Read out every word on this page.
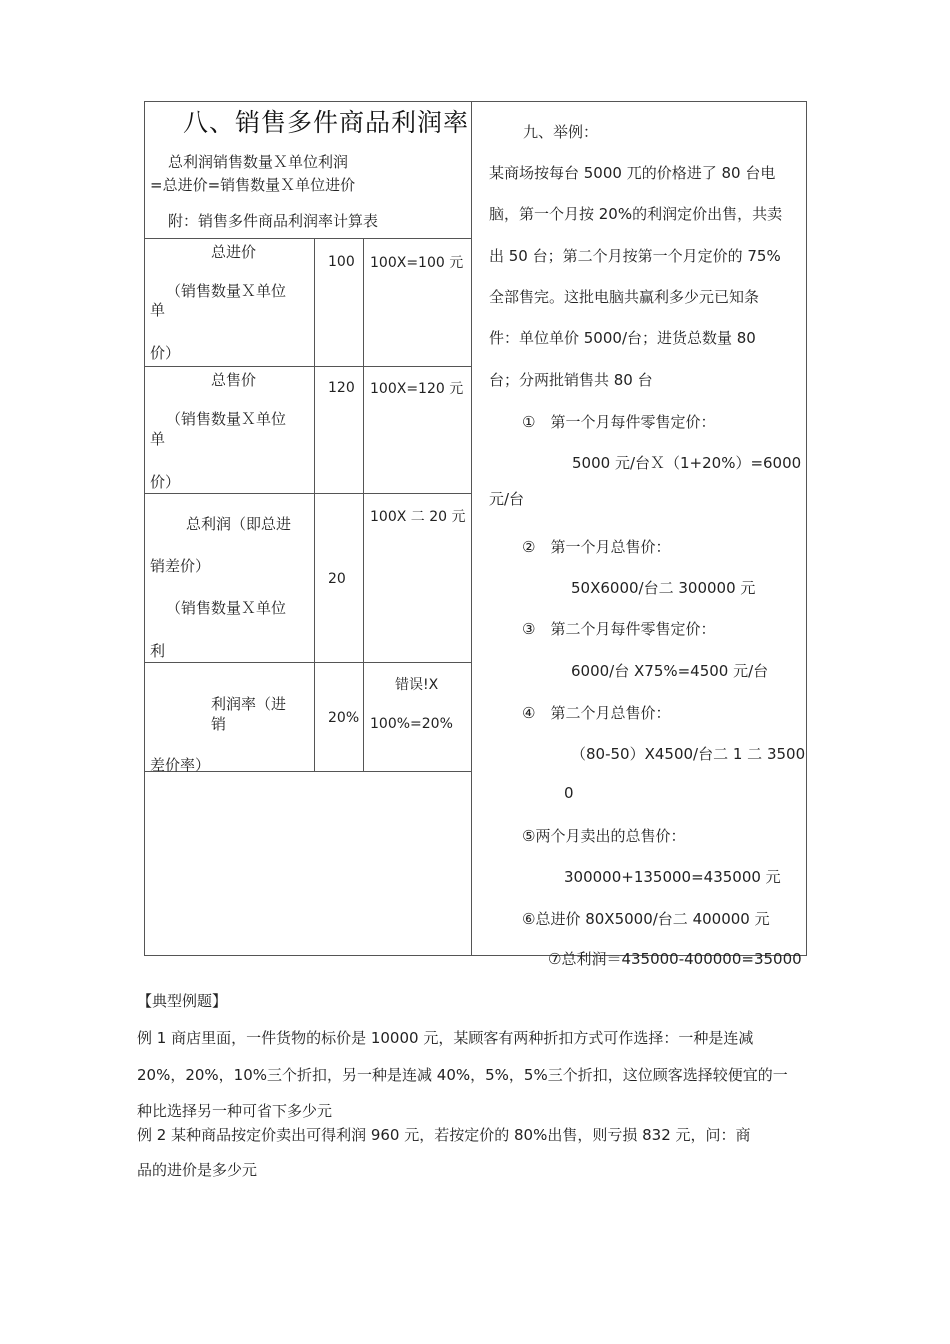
八、销售多件商品利润率
总利润销售数量Ｘ单位利润
=总进价=销售数量Ｘ单位进价
附：销售多件商品利润率计算表
总进价
（销售数量Ｘ单位
单
价）
100 100X=100 元
总售价
（销售数量Ｘ单位
单
价）
120 100X=120 元
总利润（即总进
销差价）
（销售数量Ｘ单位
利
20
100X 二 20 元
利润率（进
销
差价率）
20%
错误!X
100%=20%
九、举例：
某商场按每台 5000 兀的价格进了 80 台电
脑，第一个月按 20%的利润定价出售，共卖
出 50 台；第二个月按第一个月定价的 75%
全部售完。这批电脑共赢利多少元已知条
件：单位单价 5000/台；进货总数量 80
台；分两批销售共 80 台
①　第一个月每件零售定价：
5000 元/台Ｘ（1+20%）=6000
元/台
②　第一个月总售价：
50X6000/台二 300000 元
③　第二个月每件零售定价：
6000/台 X75%=4500 元/台
④　第二个月总售价：
（80-50）X4500/台二 1 二 3500
0
⑤两个月卖出的总售价：
300000+135000=435000 元
⑥总进价 80X5000/台二 400000 元
⑦总利润＝435000-400000=35000
【典型例题】
例 1 商店里面，一件货物的标价是 10000 元，某顾客有两种折扣方式可作选择：一种是连减
20%，20%，10%三个折扣，另一种是连减 40%，5%，5%三个折扣，这位顾客选择较便宜的一
种比选择另一种可省下多少元
例 2 某种商品按定价卖出可得利润 960 元，若按定价的 80%出售，则亏损 832 元，问：商
品的进价是多少元
